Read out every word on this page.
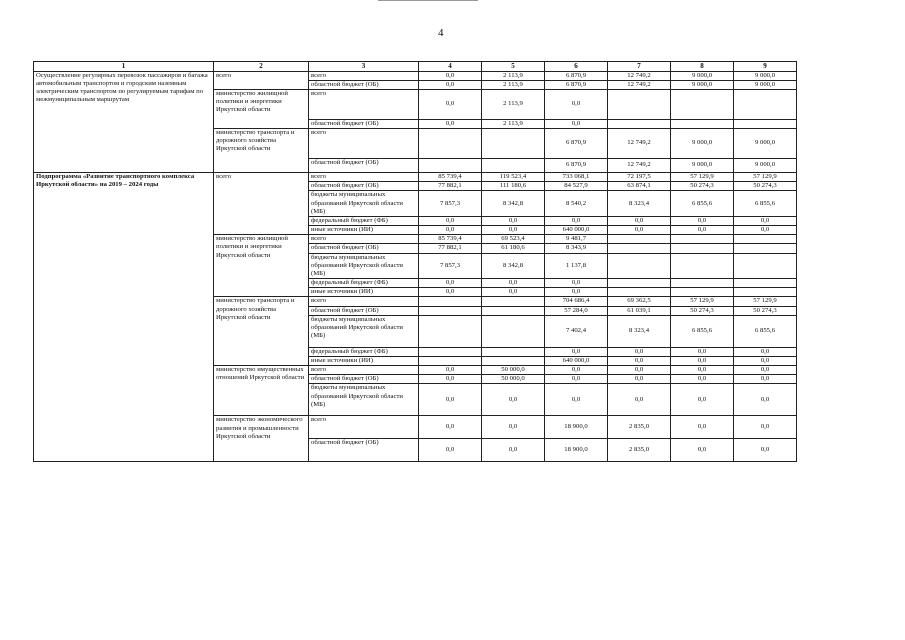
4
1	2	3	4	5	6	7	8	9
Осуществление регулярных перевозок пассажиров и багажа автомобильным транспортом и городским наземным электрическим транспортом по регулируемым тарифам по межмуниципальным маршрутам	всего	всего	0,0	2 113,9	6 870,9	12 749,2	9 000,0	9 000,0
		областной бюджет (ОБ)	0,0	2 113,9	6 870,9	12 749,2	9 000,0	9 000,0
	министерство жилищной политики и энергетики Иркутской области	всего	0,0	2 113,9	0,0			
		областной бюджет (ОБ)	0,0	2 113,9	0,0			
	министерство транспорта и дорожного хозяйства Иркутской области	всего			6 870,9	12 749,2	9 000,0	9 000,0
		областной бюджет (ОБ)			6 870,9	12 749,2	9 000,0	9 000,0
Подпрограмма «Развитие транспортного комплекса Иркутской области» на 2019 – 2024 годы	всего	всего	85 739,4	119 523,4	733 068,1	72 197,5	57 129,9	57 129,9
		областной бюджет (ОБ)	77 882,1	111 180,6	84 527,9	63 874,1	50 274,3	50 274,3
		бюджеты муниципальных образований Иркутской области (МБ)	7 857,3	8 342,8	8 540,2	8 323,4	6 855,6	6 855,6
		федеральный бюджет (ФБ)	0,0	0,0	0,0	0,0	0,0	0,0
		иные источники (ИИ)	0,0	0,0	640 000,0	0,0	0,0	0,0
	министерство жилищной политики и энергетики Иркутской области	всего	85 739,4	69 523,4	9 481,7			
		областной бюджет (ОБ)	77 882,1	61 180,6	8 343,9			
		бюджеты муниципальных образований Иркутской области (МБ)	7 857,3	8 342,8	1 137,8			
		федеральный бюджет (ФБ)	0,0	0,0	0,0			
		иные источники (ИИ)	0,0	0,0	0,0			
	министерство транспорта и дорожного хозяйства Иркутской области	всего			704 686,4	69 362,5	57 129,9	57 129,9
		областной бюджет (ОБ)			57 284,0	61 039,1	50 274,3	50 274,3
		бюджеты муниципальных образований Иркутской области (МБ)			7 402,4	8 323,4	6 855,6	6 855,6
		федеральный бюджет (ФБ)			0,0	0,0	0,0	0,0
		иные источники (ИИ)			640 000,0	0,0	0,0	0,0
	министерство имущественных отношений Иркутской области	всего	0,0	50 000,0	0,0	0,0	0,0	0,0
		областной бюджет (ОБ)	0,0	50 000,0	0,0	0,0	0,0	0,0
		бюджеты муниципальных образований Иркутской области (МБ)	0,0	0,0	0,0	0,0	0,0	0,0
	министерство экономического развития и промышленности Иркутской области	всего	0,0	0,0	18 900,0	2 835,0	0,0	0,0
		областной бюджет (ОБ)	0,0	0,0	18 900,0	2 835,0	0,0	0,0
